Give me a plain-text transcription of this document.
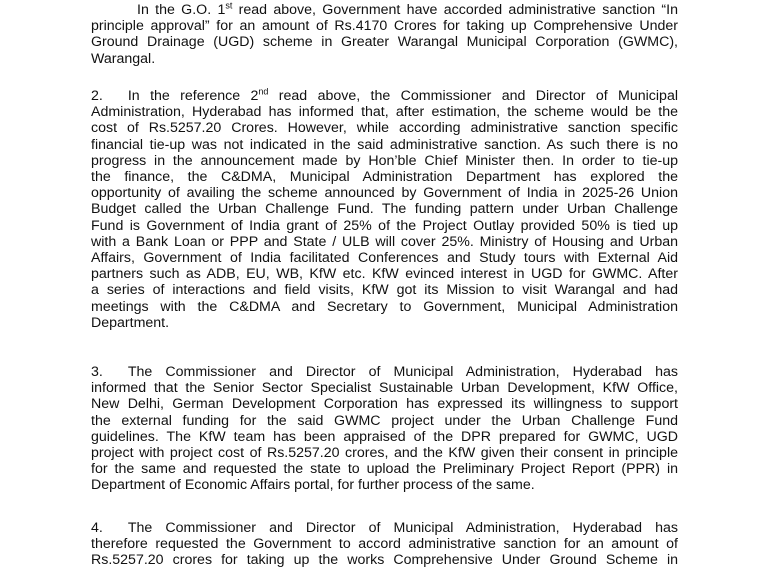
In the G.O. 1st read above, Government have accorded administrative sanction “In
principle approval” for an amount of Rs.4170 Crores for taking up Comprehensive Under
Ground Drainage (UGD) scheme in Greater Warangal Municipal Corporation (GWMC),
Warangal.
2. In the reference 2nd read above, the Commissioner and Director of Municipal
Administration, Hyderabad has informed that, after estimation, the scheme would be the
cost of Rs.5257.20 Crores. However, while according administrative sanction specific
financial tie-up was not indicated in the said administrative sanction. As such there is no
progress in the announcement made by Hon’ble Chief Minister then. In order to tie-up
the finance, the C&DMA, Municipal Administration Department has explored the
opportunity of availing the scheme announced by Government of India in 2025-26 Union
Budget called the Urban Challenge Fund. The funding pattern under Urban Challenge
Fund is Government of India grant of 25% of the Project Outlay provided 50% is tied up
with a Bank Loan or PPP and State / ULB will cover 25%. Ministry of Housing and Urban
Affairs, Government of India facilitated Conferences and Study tours with External Aid
partners such as ADB, EU, WB, KfW etc. KfW evinced interest in UGD for GWMC. After
a series of interactions and field visits, KfW got its Mission to visit Warangal and had
meetings with the C&DMA and Secretary to Government, Municipal Administration
Department.
3. The Commissioner and Director of Municipal Administration, Hyderabad has
informed that the Senior Sector Specialist Sustainable Urban Development, KfW Office,
New Delhi, German Development Corporation has expressed its willingness to support
the external funding for the said GWMC project under the Urban Challenge Fund
guidelines. The KfW team has been appraised of the DPR prepared for GWMC, UGD
project with project cost of Rs.5257.20 crores, and the KfW given their consent in principle
for the same and requested the state to upload the Preliminary Project Report (PPR) in
Department of Economic Affairs portal, for further process of the same.
4. The Commissioner and Director of Municipal Administration, Hyderabad has
therefore requested the Government to accord administrative sanction for an amount of
Rs.5257.20 crores for taking up the works Comprehensive Under Ground Scheme in
